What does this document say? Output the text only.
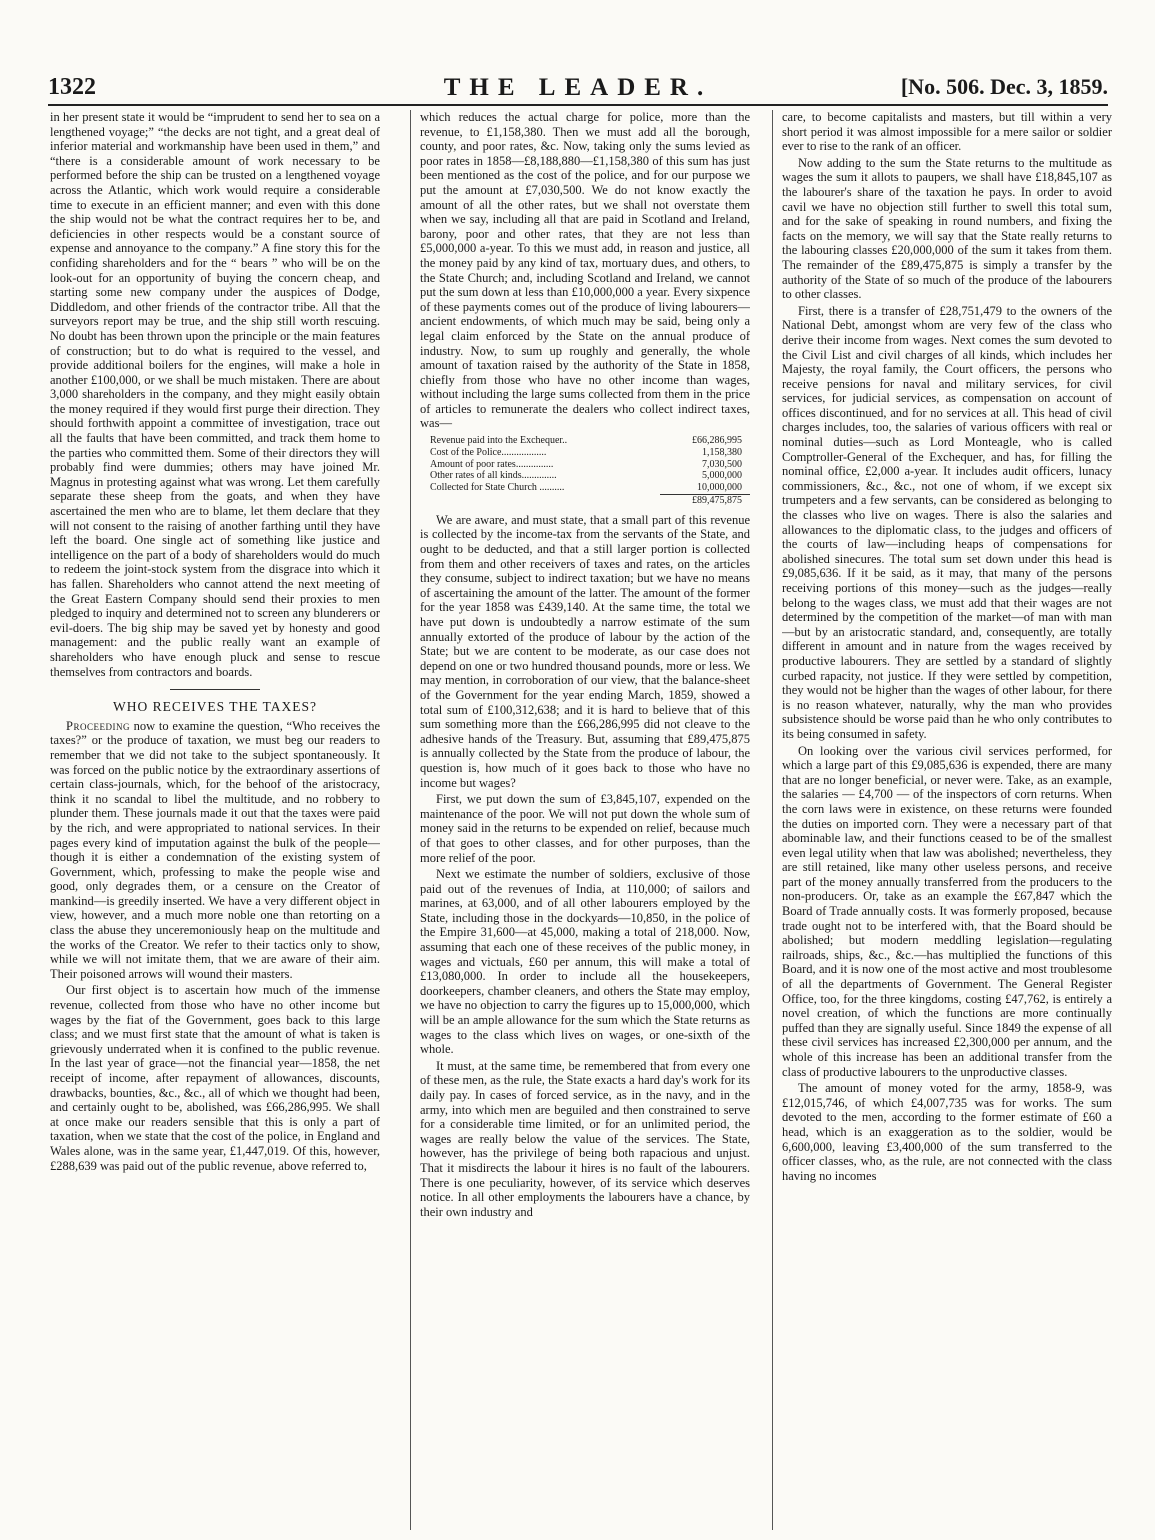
1322	THE LEADER.	[No. 506. Dec. 3, 1859.

in her present state it would be “imprudent to send her to sea on a lengthened voyage;” “the decks are not tight, and a great deal of inferior material and workmanship have been used in them,” and “there is a considerable amount of work necessary to be performed before the ship can be trusted on a lengthened voyage across the Atlantic, which work would require a considerable time to execute in an efficient manner; and even with this done the ship would not be what the contract requires her to be, and deficiencies in other respects would be a constant source of expense and annoyance to the company.” A fine story this for the confiding shareholders and for the “ bears ” who will be on the look-out for an opportunity of buying the concern cheap, and starting some new company under the auspices of Dodge, Diddledom, and other friends of the contractor tribe. All that the surveyors report may be true, and the ship still worth rescuing. No doubt has been thrown upon the principle or the main features of construction; but to do what is required to the vessel, and provide additional boilers for the engines, will make a hole in another £100,000, or we shall be much mistaken. There are about 3,000 shareholders in the company, and they might easily obtain the money required if they would first purge their direction. They should forthwith appoint a committee of investigation, trace out all the faults that have been committed, and track them home to the parties who committed them. Some of their directors they will probably find were dummies; others may have joined Mr. Magnus in protesting against what was wrong. Let them carefully separate these sheep from the goats, and when they have ascertained the men who are to blame, let them declare that they will not consent to the raising of another farthing until they have left the board. One single act of something like justice and intelligence on the part of a body of shareholders would do much to redeem the joint-stock system from the disgrace into which it has fallen. Shareholders who cannot attend the next meeting of the Great Eastern Company should send their proxies to men pledged to inquiry and determined not to screen any blunderers or evil-doers. The big ship may be saved yet by honesty and good management: and the public really want an example of shareholders who have enough pluck and sense to rescue themselves from contractors and boards.

WHO RECEIVES THE TAXES?

Proceeding now to examine the question, “Who receives the taxes?” or the produce of taxation, we must beg our readers to remember that we did not take to the subject spontaneously. It was forced on the public notice by the extraordinary assertions of certain class-journals, which, for the behoof of the aristocracy, think it no scandal to libel the multitude, and no robbery to plunder them. These journals made it out that the taxes were paid by the rich, and were appropriated to national services. In their pages every kind of imputation against the bulk of the people—though it is either a condemnation of the existing system of Government, which, professing to make the people wise and good, only degrades them, or a censure on the Creator of mankind—is greedily inserted. We have a very different object in view, however, and a much more noble one than retorting on a class the abuse they unceremoniously heap on the multitude and the works of the Creator. We refer to their tactics only to show, while we will not imitate them, that we are aware of their aim. Their poisoned arrows will wound their masters.

Our first object is to ascertain how much of the immense revenue, collected from those who have no other income but wages by the fiat of the Government, goes back to this large class; and we must first state that the amount of what is taken is grievously underrated when it is confined to the public revenue. In the last year of grace—not the financial year—1858, the net receipt of income, after repayment of allowances, discounts, drawbacks, bounties, &c., &c., all of which we thought had been, and certainly ought to be, abolished, was £66,286,995. We shall at once make our readers sensible that this is only a part of taxation, when we state that the cost of the police, in England and Wales alone, was in the same year, £1,447,019. Of this, however, £288,639 was paid out of the public revenue, above referred to,

which reduces the actual charge for police, more than the revenue, to £1,158,380. Then we must add all the borough, county, and poor rates, &c. Now, taking only the sums levied as poor rates in 1858—£8,188,880—£1,158,380 of this sum has just been mentioned as the cost of the police, and for our purpose we put the amount at £7,030,500. We do not know exactly the amount of all the other rates, but we shall not overstate them when we say, including all that are paid in Scotland and Ireland, barony, poor and other rates, that they are not less than £5,000,000 a-year. To this we must add, in reason and justice, all the money paid by any kind of tax, mortuary dues, and others, to the State Church; and, including Scotland and Ireland, we cannot put the sum down at less than £10,000,000 a year. Every sixpence of these payments comes out of the produce of living labourers—ancient endowments, of which much may be said, being only a legal claim enforced by the State on the annual produce of industry. Now, to sum up roughly and generally, the whole amount of taxation raised by the authority of the State in 1858, chiefly from those who have no other income than wages, without including the large sums collected from them in the price of articles to remunerate the dealers who collect indirect taxes, was—

Revenue paid into the Exchequer..	£66,286,995
Cost of the Police..................	1,158,380
Amount of poor rates...............	7,030,500
Other rates of all kinds..............	5,000,000
Collected for State Church ..........	10,000,000
£89,475,875

We are aware, and must state, that a small part of this revenue is collected by the income-tax from the servants of the State, and ought to be deducted, and that a still larger portion is collected from them and other receivers of taxes and rates, on the articles they consume, subject to indirect taxation; but we have no means of ascertaining the amount of the latter. The amount of the former for the year 1858 was £439,140. At the same time, the total we have put down is undoubtedly a narrow estimate of the sum annually extorted of the produce of labour by the action of the State; but we are content to be moderate, as our case does not depend on one or two hundred thousand pounds, more or less. We may mention, in corroboration of our view, that the balance-sheet of the Government for the year ending March, 1859, showed a total sum of £100,312,638; and it is hard to believe that of this sum something more than the £66,286,995 did not cleave to the adhesive hands of the Treasury. But, assuming that £89,475,875 is annually collected by the State from the produce of labour, the question is, how much of it goes back to those who have no income but wages?

First, we put down the sum of £3,845,107, expended on the maintenance of the poor. We will not put down the whole sum of money said in the returns to be expended on relief, because much of that goes to other classes, and for other purposes, than the more relief of the poor.

Next we estimate the number of soldiers, exclusive of those paid out of the revenues of India, at 110,000; of sailors and marines, at 63,000, and of all other labourers employed by the State, including those in the dockyards—10,850, in the police of the Empire 31,600—at 45,000, making a total of 218,000. Now, assuming that each one of these receives of the public money, in wages and victuals, £60 per annum, this will make a total of £13,080,000. In order to include all the housekeepers, doorkeepers, chamber cleaners, and others the State may employ, we have no objection to carry the figures up to 15,000,000, which will be an ample allowance for the sum which the State returns as wages to the class which lives on wages, or one-sixth of the whole.

It must, at the same time, be remembered that from every one of these men, as the rule, the State exacts a hard day's work for its daily pay. In cases of forced service, as in the navy, and in the army, into which men are beguiled and then constrained to serve for a considerable time limited, or for an unlimited period, the wages are really below the value of the services. The State, however, has the privilege of being both rapacious and unjust. That it misdirects the labour it hires is no fault of the labourers. There is one peculiarity, however, of its service which deserves notice. In all other employments the labourers have a chance, by their own industry and

care, to become capitalists and masters, but till within a very short period it was almost impossible for a mere sailor or soldier ever to rise to the rank of an officer.

Now adding to the sum the State returns to the multitude as wages the sum it allots to paupers, we shall have £18,845,107 as the labourer's share of the taxation he pays. In order to avoid cavil we have no objection still further to swell this total sum, and for the sake of speaking in round numbers, and fixing the facts on the memory, we will say that the State really returns to the labouring classes £20,000,000 of the sum it takes from them. The remainder of the £89,475,875 is simply a transfer by the authority of the State of so much of the produce of the labourers to other classes.

First, there is a transfer of £28,751,479 to the owners of the National Debt, amongst whom are very few of the class who derive their income from wages. Next comes the sum devoted to the Civil List and civil charges of all kinds, which includes her Majesty, the royal family, the Court officers, the persons who receive pensions for naval and military services, for civil services, for judicial services, as compensation on account of offices discontinued, and for no services at all. This head of civil charges includes, too, the salaries of various officers with real or nominal duties—such as Lord Monteagle, who is called Comptroller-General of the Exchequer, and has, for filling the nominal office, £2,000 a-year. It includes audit officers, lunacy commissioners, &c., &c., not one of whom, if we except six trumpeters and a few servants, can be considered as belonging to the classes who live on wages. There is also the salaries and allowances to the diplomatic class, to the judges and officers of the courts of law—including heaps of compensations for abolished sinecures. The total sum set down under this head is £9,085,636. If it be said, as it may, that many of the persons receiving portions of this money—such as the judges—really belong to the wages class, we must add that their wages are not determined by the competition of the market—of man with man—but by an aristocratic standard, and, consequently, are totally different in amount and in nature from the wages received by productive labourers. They are settled by a standard of slightly curbed rapacity, not justice. If they were settled by competition, they would not be higher than the wages of other labour, for there is no reason whatever, naturally, why the man who provides subsistence should be worse paid than he who only contributes to its being consumed in safety.

On looking over the various civil services performed, for which a large part of this £9,085,636 is expended, there are many that are no longer beneficial, or never were. Take, as an example, the salaries — £4,700 — of the inspectors of corn returns. When the corn laws were in existence, on these returns were founded the duties on imported corn. They were a necessary part of that abominable law, and their functions ceased to be of the smallest even legal utility when that law was abolished; nevertheless, they are still retained, like many other useless persons, and receive part of the money annually transferred from the producers to the non-producers. Or, take as an example the £67,847 which the Board of Trade annually costs. It was formerly proposed, because trade ought not to be interfered with, that the Board should be abolished; but modern meddling legislation—regulating railroads, ships, &c., &c.—has multiplied the functions of this Board, and it is now one of the most active and most troublesome of all the departments of Government. The General Register Office, too, for the three kingdoms, costing £47,762, is entirely a novel creation, of which the functions are more continually puffed than they are signally useful. Since 1849 the expense of all these civil services has increased £2,300,000 per annum, and the whole of this increase has been an additional transfer from the class of productive labourers to the unproductive classes.

The amount of money voted for the army, 1858-9, was £12,015,746, of which £4,007,735 was for works. The sum devoted to the men, according to the former estimate of £60 a head, which is an exaggeration as to the soldier, would be 6,600,000, leaving £3,400,000 of the sum transferred to the officer classes, who, as the rule, are not connected with the class having no incomes
